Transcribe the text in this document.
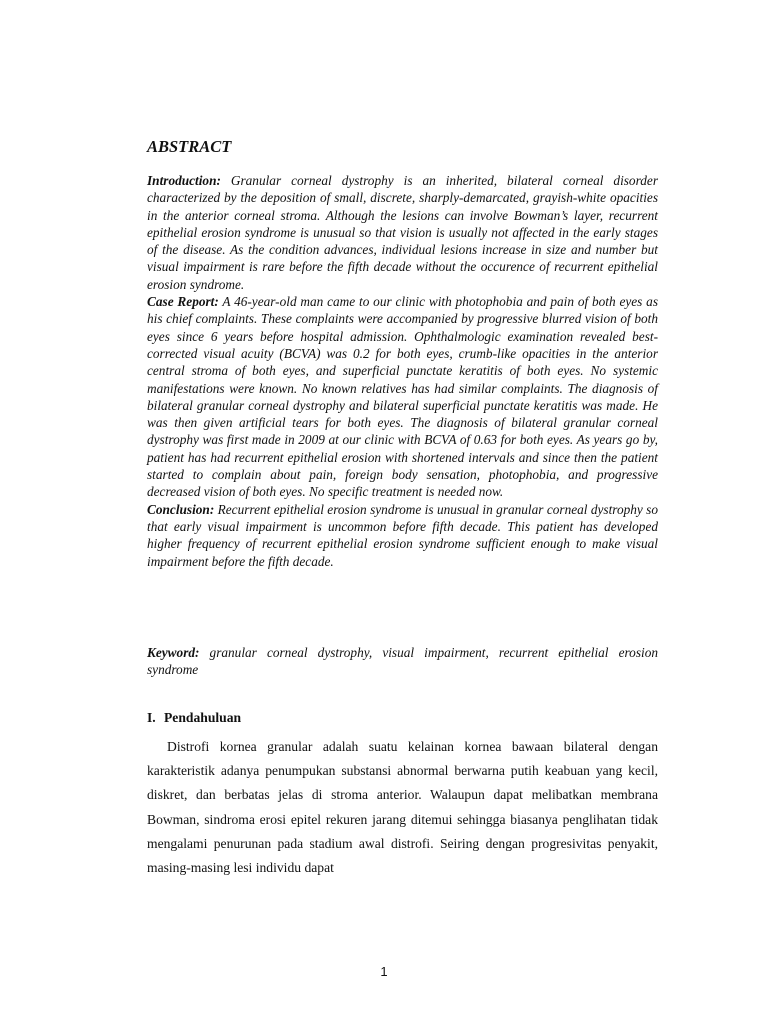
ABSTRACT

Introduction: Granular corneal dystrophy is an inherited, bilateral corneal disorder characterized by the deposition of small, discrete, sharply-demarcated, grayish-white opacities in the anterior corneal stroma. Although the lesions can involve Bowman’s layer, recurrent epithelial erosion syndrome is unusual so that vision is usually not affected in the early stages of the disease. As the condition advances, individual lesions increase in size and number but visual impairment is rare before the fifth decade without the occurence of recurrent epithelial erosion syndrome.

Case Report: A 46-year-old man came to our clinic with photophobia and pain of both eyes as his chief complaints. These complaints were accompanied by progressive blurred vision of both eyes since 6 years before hospital admission. Ophthalmologic examination revealed best-corrected visual acuity (BCVA) was 0.2 for both eyes, crumb-like opacities in the anterior central stroma of both eyes, and superficial punctate keratitis of both eyes. No systemic manifestations were known. No known relatives has had similar complaints. The diagnosis of bilateral granular corneal dystrophy and bilateral superficial punctate keratitis was made. He was then given artificial tears for both eyes. The diagnosis of bilateral granular corneal dystrophy was first made in 2009 at our clinic with BCVA of 0.63 for both eyes. As years go by, patient has had recurrent epithelial erosion with shortened intervals and since then the patient started to complain about pain, foreign body sensation, photophobia, and progressive decreased vision of both eyes. No specific treatment is needed now.

Conclusion: Recurrent epithelial erosion syndrome is unusual in granular corneal dystrophy so that early visual impairment is uncommon before fifth decade. This patient has developed higher frequency of recurrent epithelial erosion syndrome sufficient enough to make visual impairment before the fifth decade.

Keyword: granular corneal dystrophy, visual impairment, recurrent epithelial erosion syndrome

I. Pendahuluan

Distrofi kornea granular adalah suatu kelainan kornea bawaan bilateral dengan karakteristik adanya penumpukan substansi abnormal berwarna putih keabuan yang kecil, diskret, dan berbatas jelas di stroma anterior. Walaupun dapat melibatkan membrana Bowman, sindroma erosi epitel rekuren jarang ditemui sehingga biasanya penglihatan tidak mengalami penurunan pada stadium awal distrofi. Seiring dengan progresivitas penyakit, masing-masing lesi individu dapat

1
